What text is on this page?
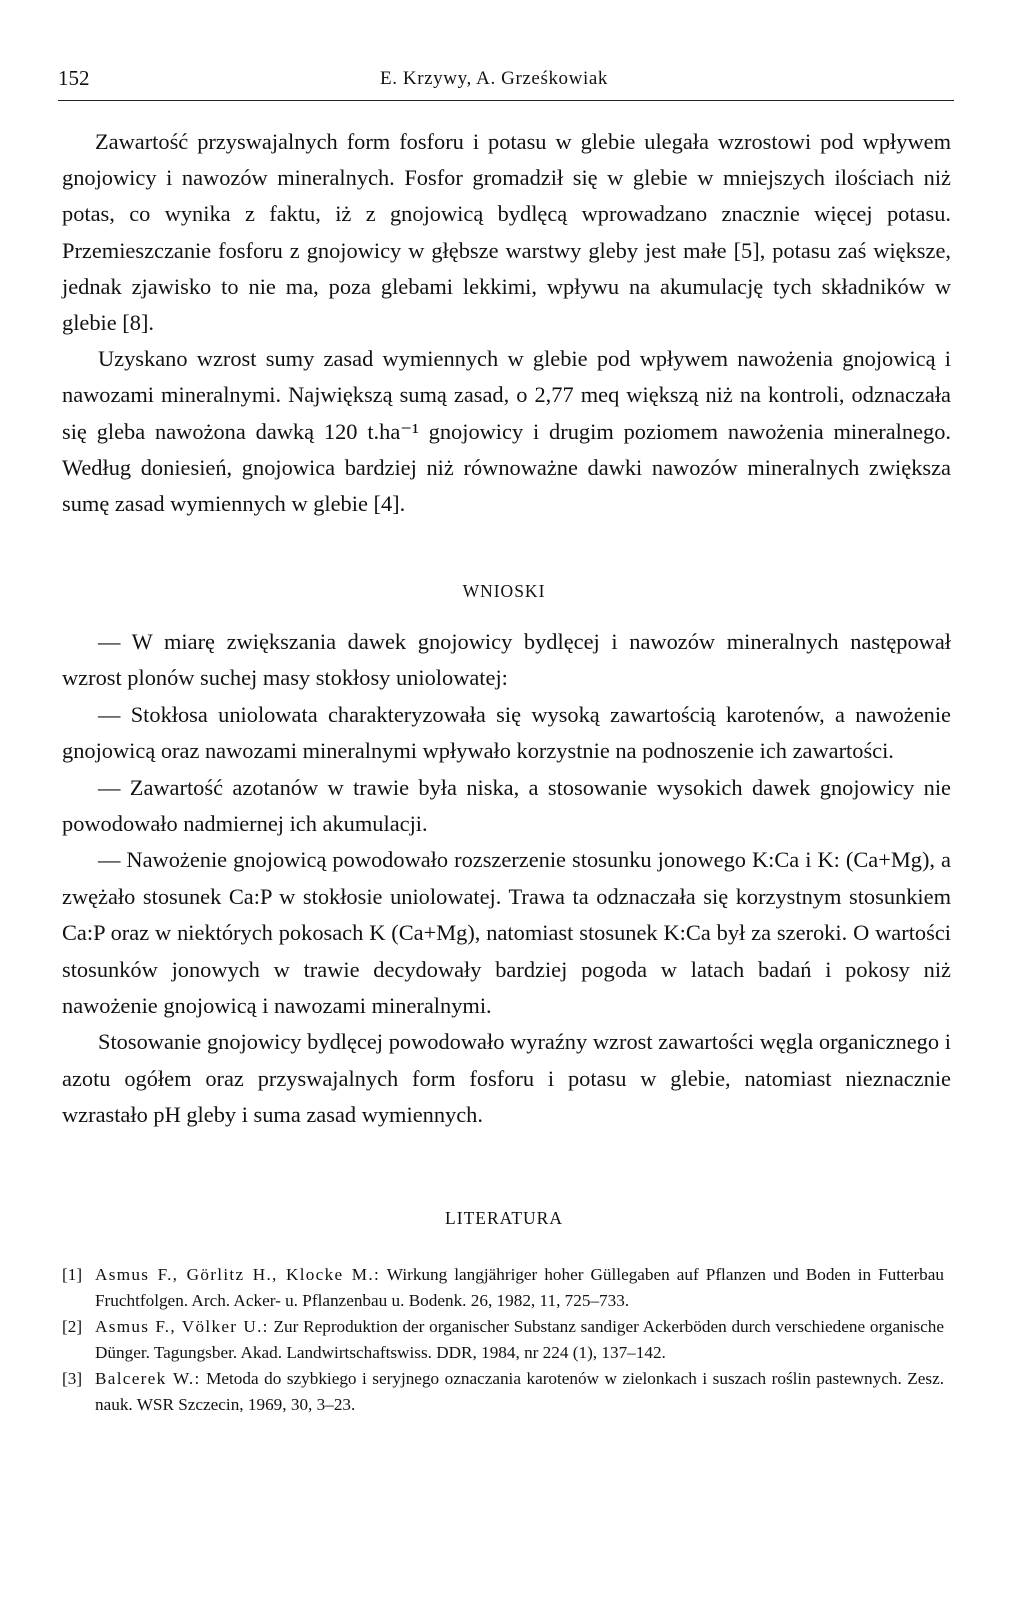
152	E. Krzywy, A. Grześkowiak

Zawartość przyswajalnych form fosforu i potasu w glebie ulegała wzrostowi pod wpływem gnojowicy i nawozów mineralnych. Fosfor gromadził się w glebie w mniejszych ilościach niż potas, co wynika z faktu, iż z gnojowicą bydlęcą wprowadzano znacznie więcej potasu. Przemieszczanie fosforu z gnojowicy w głębsze warstwy gleby jest małe [5], potasu zaś większe, jednak zjawisko to nie ma, poza glebami lekkimi, wpływu na akumulację tych składników w glebie [8].

Uzyskano wzrost sumy zasad wymiennych w glebie pod wpływem nawożenia gnojowicą i nawozami mineralnymi. Największą sumą zasad, o 2,77 meq większą niż na kontroli, odznaczała się gleba nawożona dawką 120 t.ha⁻¹ gnojowicy i drugim poziomem nawożenia mineralnego. Według doniesień, gnojowica bardziej niż równoważne dawki nawozów mineralnych zwiększa sumę zasad wymiennych w glebie [4].

WNIOSKI

— W miarę zwiększania dawek gnojowicy bydlęcej i nawozów mineralnych następował wzrost plonów suchej masy stokłosy uniolowatej:

— Stokłosa uniolowata charakteryzowała się wysoką zawartością karotenów, a nawożenie gnojowicą oraz nawozami mineralnymi wpływało korzystnie na podnoszenie ich zawartości.

— Zawartość azotanów w trawie była niska, a stosowanie wysokich dawek gnojowicy nie powodowało nadmiernej ich akumulacji.

— Nawożenie gnojowicą powodowało rozszerzenie stosunku jonowego K:Ca i K: (Ca+Mg), a zwężało stosunek Ca:P w stokłosie uniolowatej. Trawa ta odznaczała się korzystnym stosunkiem Ca:P oraz w niektórych pokosach K (Ca+Mg), natomiast stosunek K:Ca był za szeroki. O wartości stosunków jonowych w trawie decydowały bardziej pogoda w latach badań i pokosy niż nawożenie gnojowicą i nawozami mineralnymi.

Stosowanie gnojowicy bydlęcej powodowało wyraźny wzrost zawartości węgla organicznego i azotu ogółem oraz przyswajalnych form fosforu i potasu w glebie, natomiast nieznacznie wzrastało pH gleby i suma zasad wymiennych.

LITERATURA
[1] Asmus F., Görlitz H., Klocke M.: Wirkung langjähriger hoher Güllegaben auf Pflanzen und Boden in Futterbau Fruchtfolgen. Arch. Acker- u. Pflanzenbau u. Bodenk. 26, 1982, 11, 725–733.
[2] Asmus F., Völker U.: Zur Reproduktion der organischer Substanz sandiger Ackerböden durch verschiedene organische Dünger. Tagungsber. Akad. Landwirtschaftswiss. DDR, 1984, nr 224 (1), 137–142.
[3] Balcerek W.: Metoda do szybkiego i seryjnego oznaczania karotenów w zielonkach i suszach roślin pastewnych. Zesz. nauk. WSR Szczecin, 1969, 30, 3–23.
